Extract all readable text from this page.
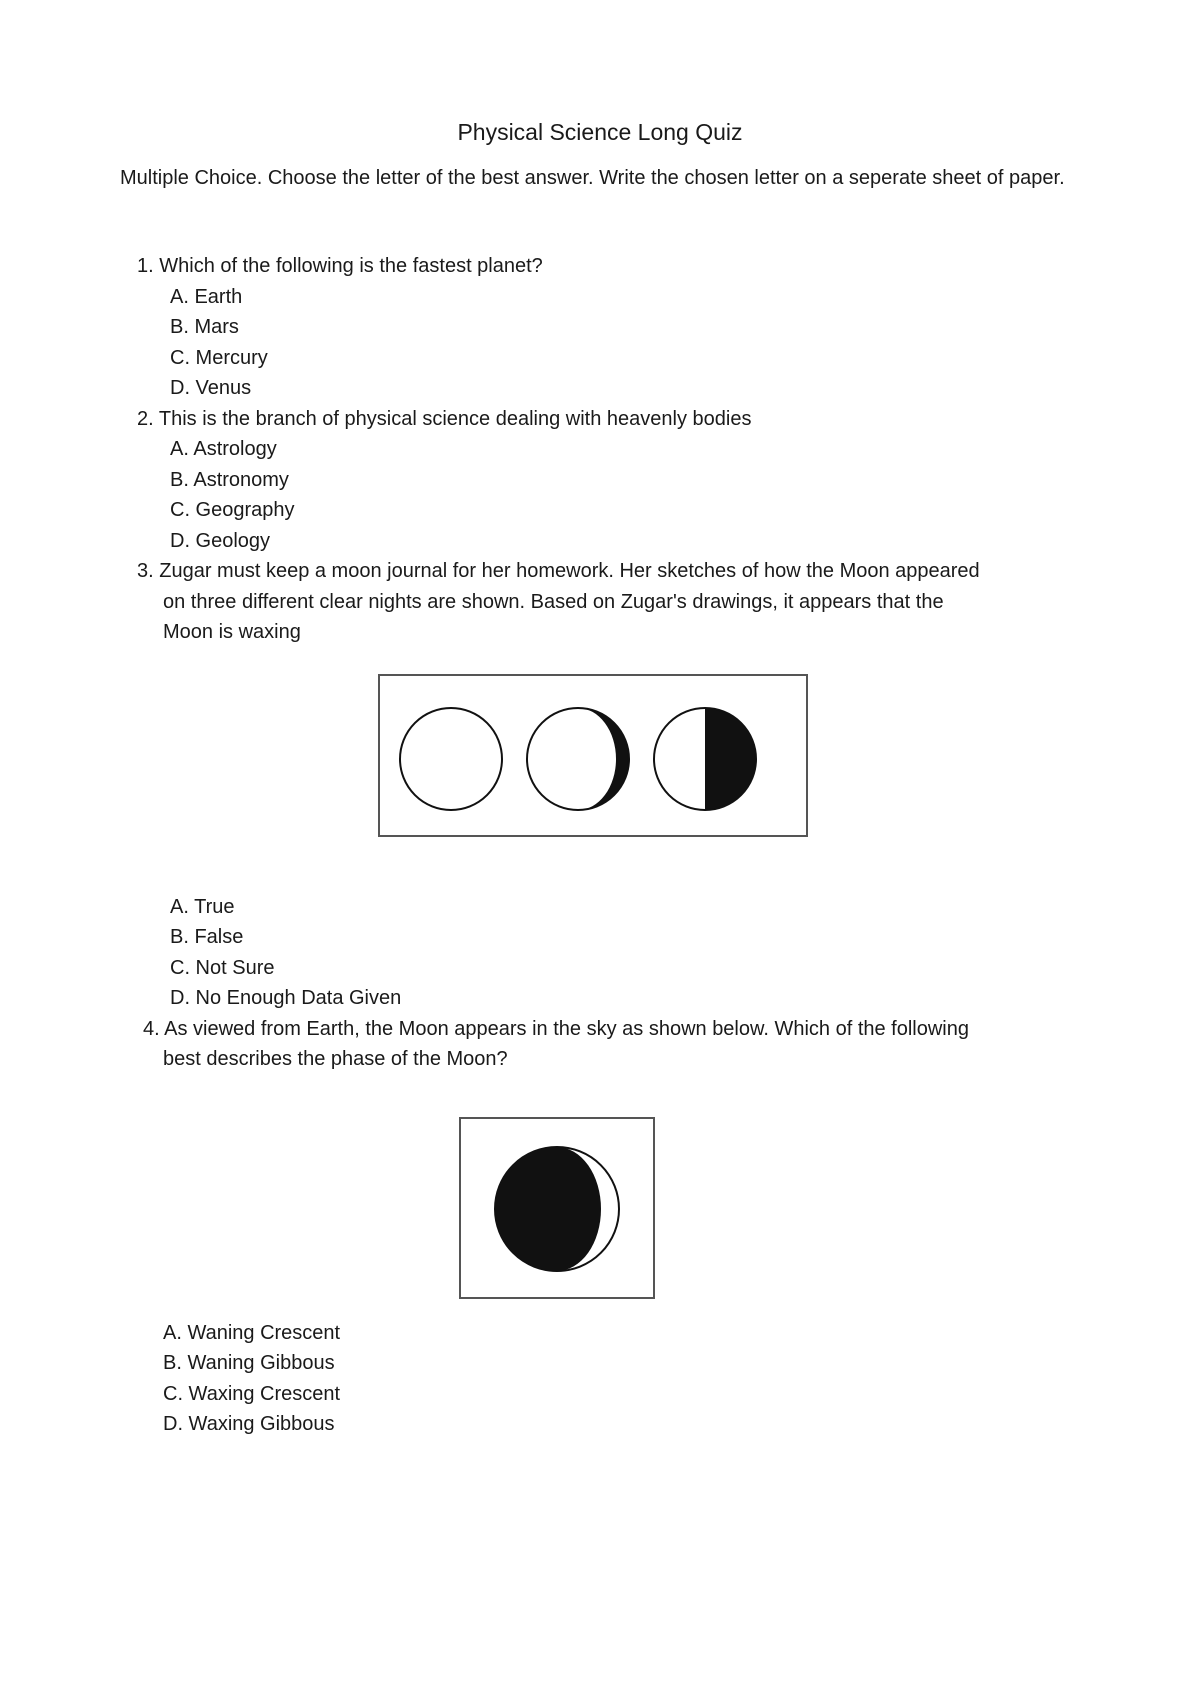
Physical Science Long Quiz
Multiple Choice. Choose the letter of the best answer. Write the chosen letter on a seperate sheet of paper.
1. Which of the following is the fastest planet?
A. Earth
B. Mars
C. Mercury
D. Venus
2. This is the branch of physical science dealing with heavenly bodies
A. Astrology
B. Astronomy
C. Geography
D. Geology
3. Zugar must keep a moon journal for her homework. Her sketches of how the Moon appeared
on three different clear nights are shown. Based on Zugar's drawings, it appears that the
Moon is waxing
A. True
B. False
C. Not Sure
D. No Enough Data Given
4. As viewed from Earth, the Moon appears in the sky as shown below. Which of the following
best describes the phase of the Moon?
A. Waning Crescent
B. Waning Gibbous
C. Waxing Crescent
D. Waxing Gibbous
